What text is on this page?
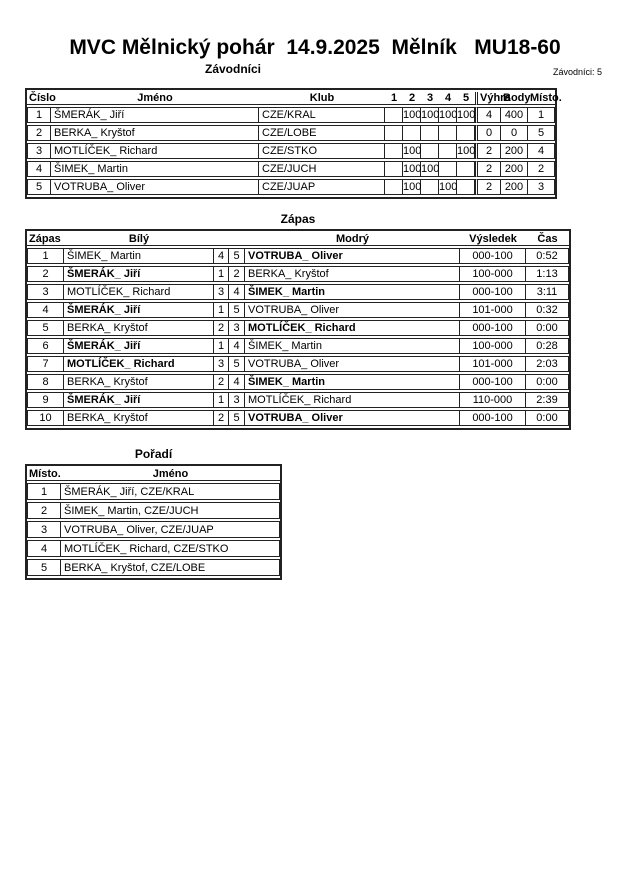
MVC Mělnický pohár  14.9.2025  Mělník   MU18-60
Závodníci	Závodníci: 5
Číslo	Jméno	Klub	1	2	3	4	5	Výhra	Body	Místo.
1	ŠMERÁK_ Jiří	CZE/KRAL		100	100	100	100	4	400	1
2	BERKA_ Kryštof	CZE/LOBE						0	0	5
3	MOTLÍČEK_ Richard	CZE/STKO		100			100	2	200	4
4	ŠIMEK_ Martin	CZE/JUCH		100	100			2	200	2
5	VOTRUBA_ Oliver	CZE/JUAP		100		100		2	200	3
Zápas
Zápas	Bílý			Modrý	Výsledek	Čas
1	ŠIMEK_ Martin	4	5	VOTRUBA_ Oliver	000-100	0:52
2	ŠMERÁK_ Jiří	1	2	BERKA_ Kryštof	100-000	1:13
3	MOTLÍČEK_ Richard	3	4	ŠIMEK_ Martin	000-100	3:11
4	ŠMERÁK_ Jiří	1	5	VOTRUBA_ Oliver	101-000	0:32
5	BERKA_ Kryštof	2	3	MOTLÍČEK_ Richard	000-100	0:00
6	ŠMERÁK_ Jiří	1	4	ŠIMEK_ Martin	100-000	0:28
7	MOTLÍČEK_ Richard	3	5	VOTRUBA_ Oliver	101-000	2:03
8	BERKA_ Kryštof	2	4	ŠIMEK_ Martin	000-100	0:00
9	ŠMERÁK_ Jiří	1	3	MOTLÍČEK_ Richard	110-000	2:39
10	BERKA_ Kryštof	2	5	VOTRUBA_ Oliver	000-100	0:00
Pořadí
Místo.	Jméno
1	ŠMERÁK_ Jiří, CZE/KRAL
2	ŠIMEK_ Martin, CZE/JUCH
3	VOTRUBA_ Oliver, CZE/JUAP
4	MOTLÍČEK_ Richard, CZE/STKO
5	BERKA_ Kryštof, CZE/LOBE
